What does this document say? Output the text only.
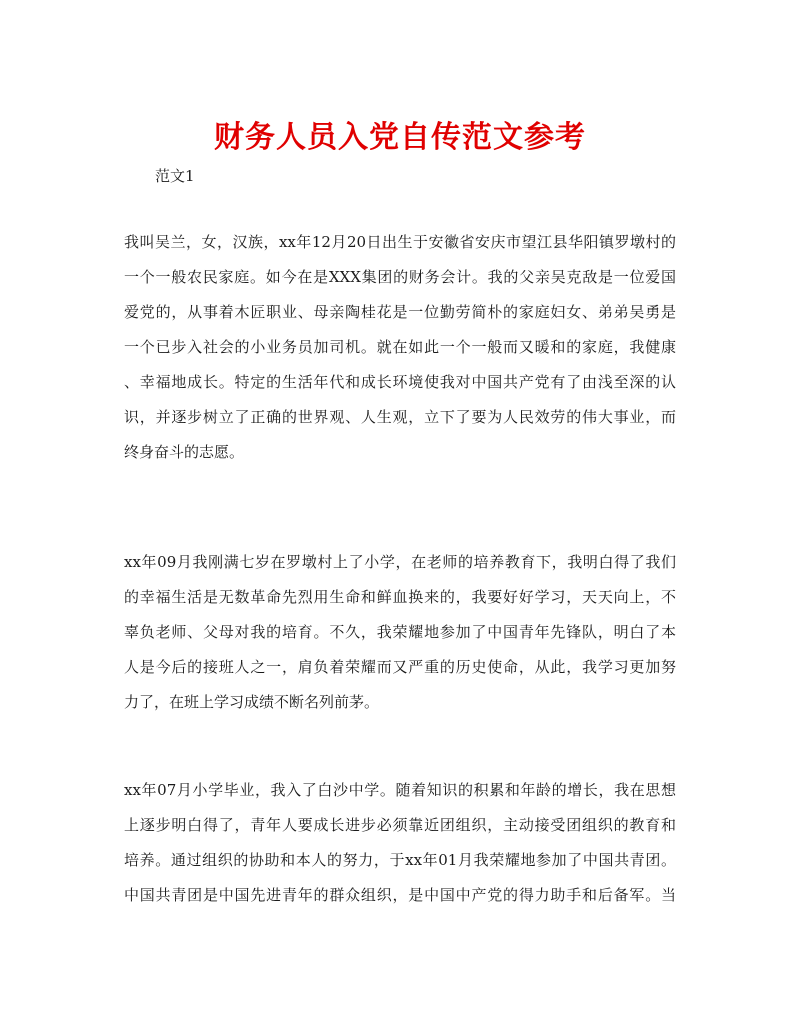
财务人员入党自传范文参考

范文1

我叫吴兰，女，汉族，xx年12月20日出生于安徽省安庆市望江县华阳镇罗墩村的
一个一般农民家庭。如今在是XXX集团的财务会计。我的父亲吴克敌是一位爱国
爱党的，从事着木匠职业、母亲陶桂花是一位勤劳简朴的家庭妇女、弟弟吴勇是
一个已步入社会的小业务员加司机。就在如此一个一般而又暖和的家庭，我健康
、幸福地成长。特定的生活年代和成长环境使我对中国共产党有了由浅至深的认
识，并逐步树立了正确的世界观、人生观，立下了要为人民效劳的伟大事业，而
终身奋斗的志愿。
xx年09月我刚满七岁在罗墩村上了小学，在老师的培养教育下，我明白得了我们
的幸福生活是无数革命先烈用生命和鲜血换来的，我要好好学习，天天向上，不
辜负老师、父母对我的培育。不久，我荣耀地参加了中国青年先锋队，明白了本
人是今后的接班人之一，肩负着荣耀而又严重的历史使命，从此，我学习更加努
力了，在班上学习成绩不断名列前茅。
xx年07月小学毕业，我入了白沙中学。随着知识的积累和年龄的增长，我在思想
上逐步明白得了，青年人要成长进步必须靠近团组织，主动接受团组织的教育和
培养。通过组织的协助和本人的努力，于xx年01月我荣耀地参加了中国共青团。
中国共青团是中国先进青年的群众组织，是中国中产党的得力助手和后备军。当
